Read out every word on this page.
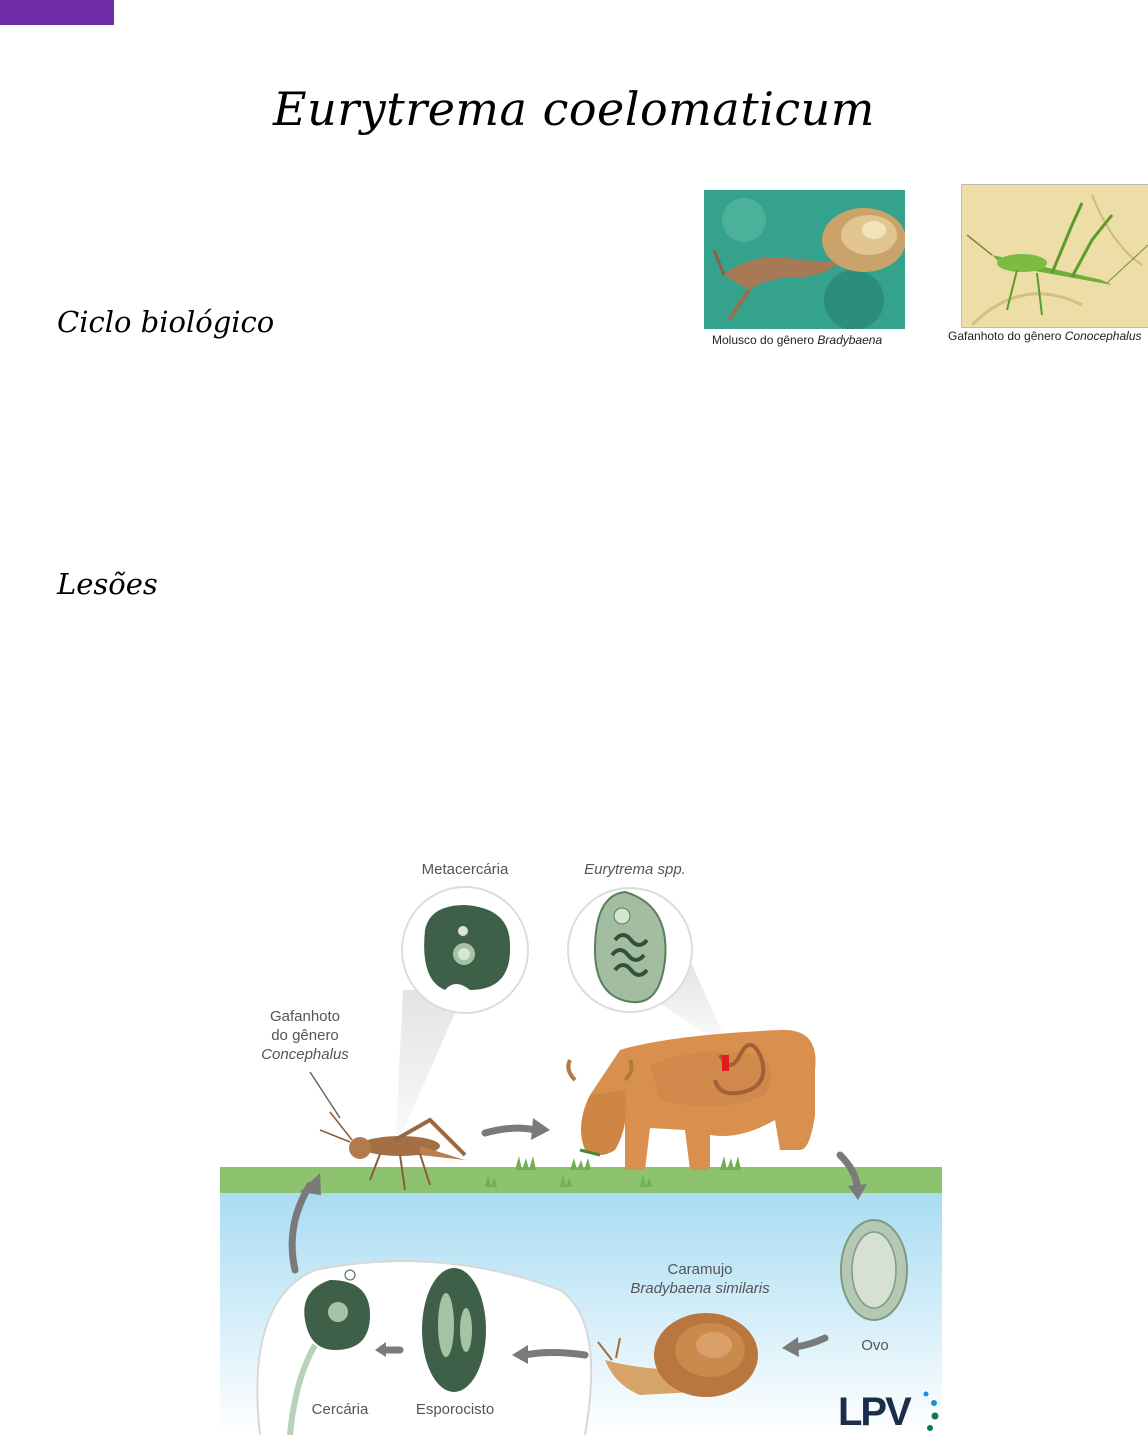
Eurytrema coelomaticum
Ciclo biológico
Lesões
Molusco do gênero Bradybaena	Gafanhoto do gênero Conocephalus
Metacercária	Eurytrema spp.
Gafanhoto
do gênero
Concephalus
Caramujo
Bradybaena similaris
Ovo
Cercária	Esporocisto	LPV
